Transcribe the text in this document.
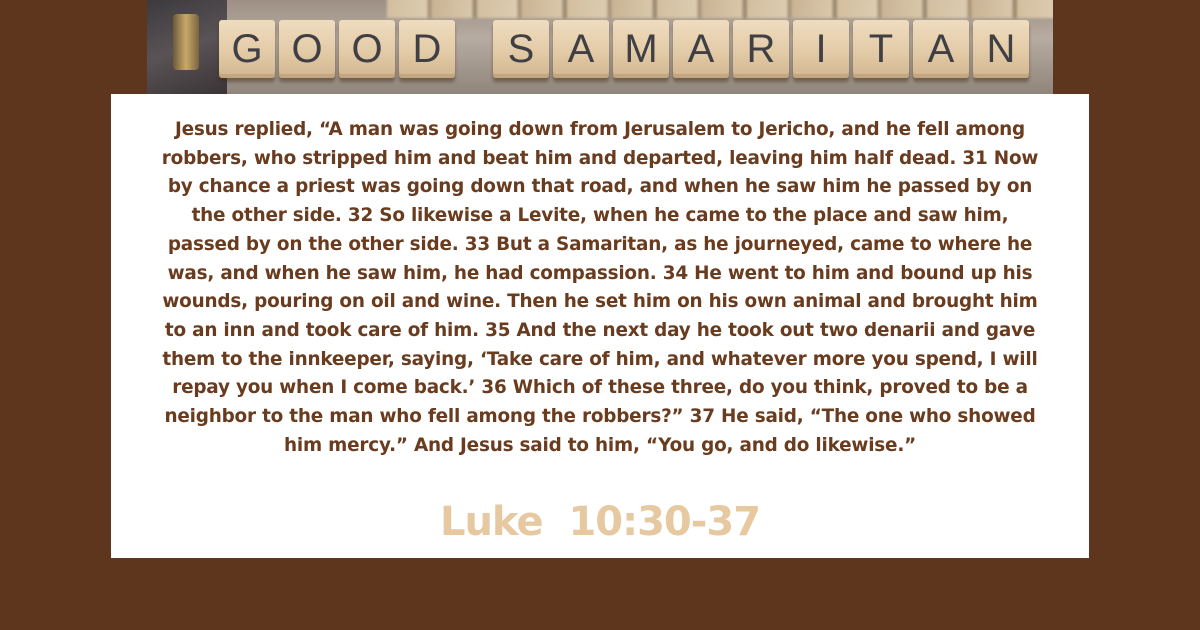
G O O D	S A M A R	I	T A N

Jesus replied, “A man was going down from Jerusalem to Jericho, and he fell among robbers, who stripped him and beat him and departed, leaving him half dead. 31 Now by chance a priest was going down that road, and when he saw him he passed by on the other side. 32 So likewise a Levite, when he came to the place and saw him, passed by on the other side. 33 But a Samaritan, as he journeyed, came to where he was, and when he saw him, he had compassion. 34 He went to him and bound up his wounds, pouring on oil and wine. Then he set him on his own animal and brought him to an inn and took care of him. 35 And the next day he took out two denarii and gave them to the innkeeper, saying, ‘Take care of him, and whatever more you spend, I will repay you when I come back.’ 36 Which of these three, do you think, proved to be a neighbor to the man who fell among the robbers?” 37 He said, “The one who showed him mercy.” And Jesus said to him, “You go, and do likewise.”

Luke  10:30-37
